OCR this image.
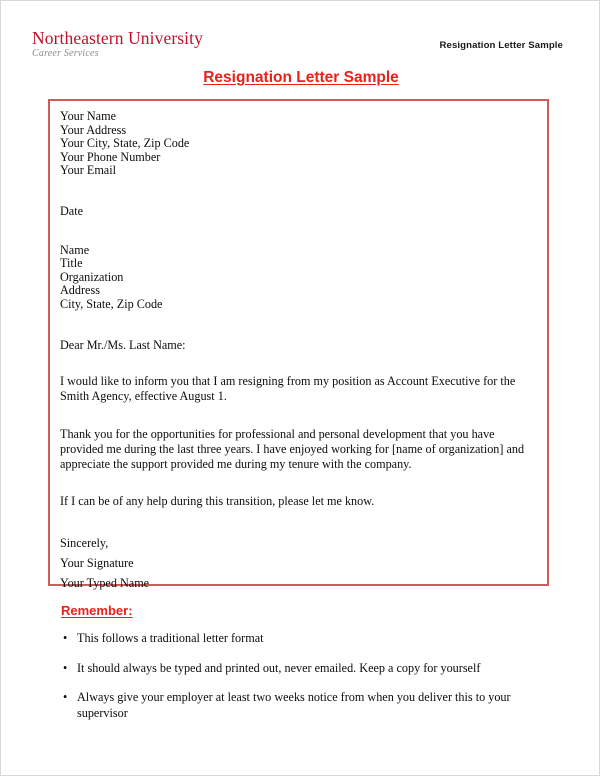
Northeastern University
Career Services
Resignation Letter Sample
Resignation Letter Sample
Your Name
Your Address
Your City, State, Zip Code
Your Phone Number
Your Email
Date
Name
Title
Organization
Address
City, State, Zip Code
Dear Mr./Ms. Last Name:
I would like to inform you that I am resigning from my position as Account Executive for the Smith Agency, effective August 1.
Thank you for the opportunities for professional and personal development that you have provided me during the last three years. I have enjoyed working for [name of organization] and appreciate the support provided me during my tenure with the company.
If I can be of any help during this transition, please let me know.
Sincerely,
Your Signature
Your Typed Name
Remember:
• This follows a traditional letter format
• It should always be typed and printed out, never emailed. Keep a copy for yourself
• Always give your employer at least two weeks notice from when you deliver this to your supervisor
